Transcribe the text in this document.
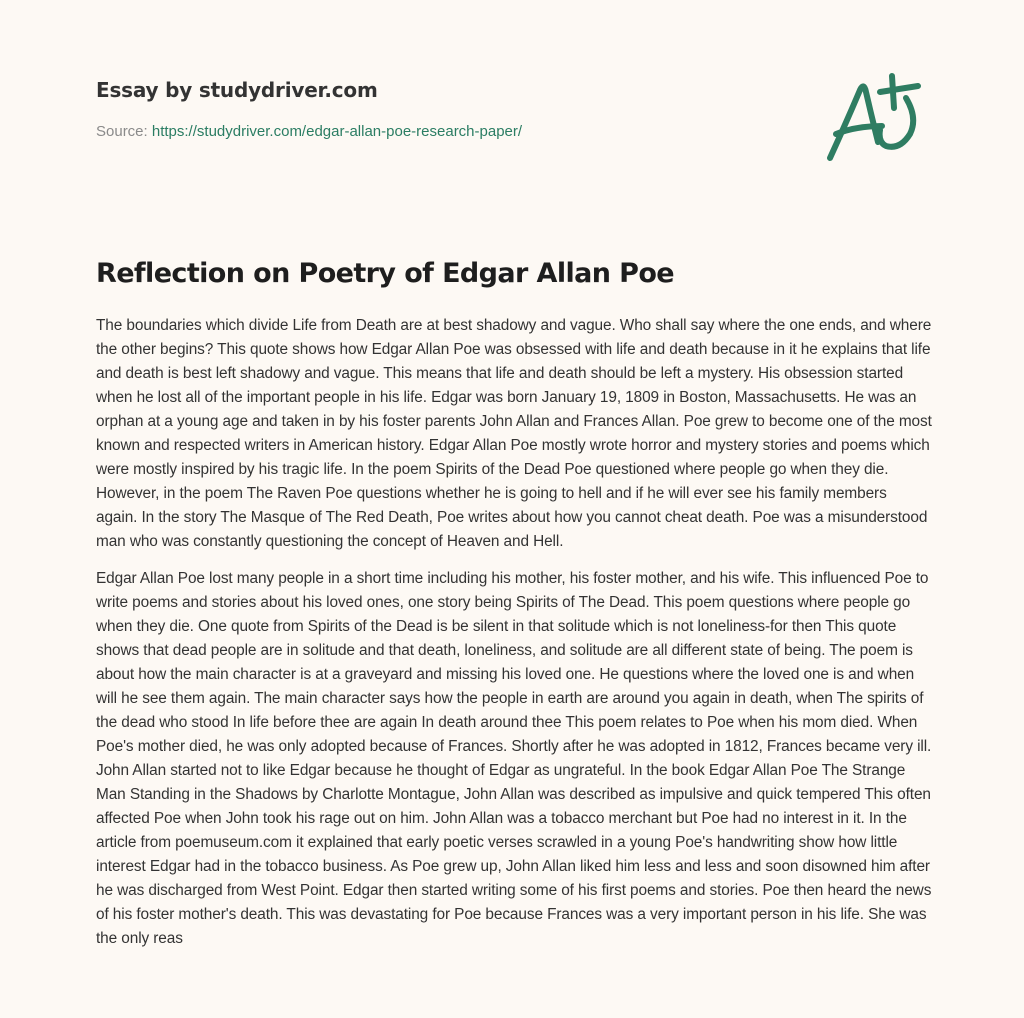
Essay by studydriver.com
Source: https://studydriver.com/edgar-allan-poe-research-paper/
Reflection on Poetry of Edgar Allan Poe

The boundaries which divide Life from Death are at best shadowy and vague. Who shall say where the one ends, and where the other begins? This quote shows how Edgar Allan Poe was obsessed with life and death because in it he explains that life and death is best left shadowy and vague. This means that life and death should be left a mystery. His obsession started when he lost all of the important people in his life. Edgar was born January 19, 1809 in Boston, Massachusetts. He was an orphan at a young age and taken in by his foster parents John Allan and Frances Allan. Poe grew to become one of the most known and respected writers in American history. Edgar Allan Poe mostly wrote horror and mystery stories and poems which were mostly inspired by his tragic life. In the poem Spirits of the Dead Poe questioned where people go when they die. However, in the poem The Raven Poe questions whether he is going to hell and if he will ever see his family members again. In the story The Masque of The Red Death, Poe writes about how you cannot cheat death. Poe was a misunderstood man who was constantly questioning the concept of Heaven and Hell.

Edgar Allan Poe lost many people in a short time including his mother, his foster mother, and his wife. This influenced Poe to write poems and stories about his loved ones, one story being Spirits of The Dead. This poem questions where people go when they die. One quote from Spirits of the Dead is be silent in that solitude which is not loneliness-for then This quote shows that dead people are in solitude and that death, loneliness, and solitude are all different state of being. The poem is about how the main character is at a graveyard and missing his loved one. He questions where the loved one is and when will he see them again. The main character says how the people in earth are around you again in death, when The spirits of the dead who stood In life before thee are again In death around thee This poem relates to Poe when his mom died. When Poe's mother died, he was only adopted because of Frances. Shortly after he was adopted in 1812, Frances became very ill. John Allan started not to like Edgar because he thought of Edgar as ungrateful. In the book Edgar Allan Poe The Strange Man Standing in the Shadows by Charlotte Montague, John Allan was described as impulsive and quick tempered This often affected Poe when John took his rage out on him. John Allan was a tobacco merchant but Poe had no interest in it. In the article from poemuseum.com it explained that early poetic verses scrawled in a young Poe's handwriting show how little interest Edgar had in the tobacco business. As Poe grew up, John Allan liked him less and less and soon disowned him after he was discharged from West Point. Edgar then started writing some of his first poems and stories. Poe then heard the news of his foster mother's death. This was devastating for Poe because Frances was a very important person in his life. She was the only reas
